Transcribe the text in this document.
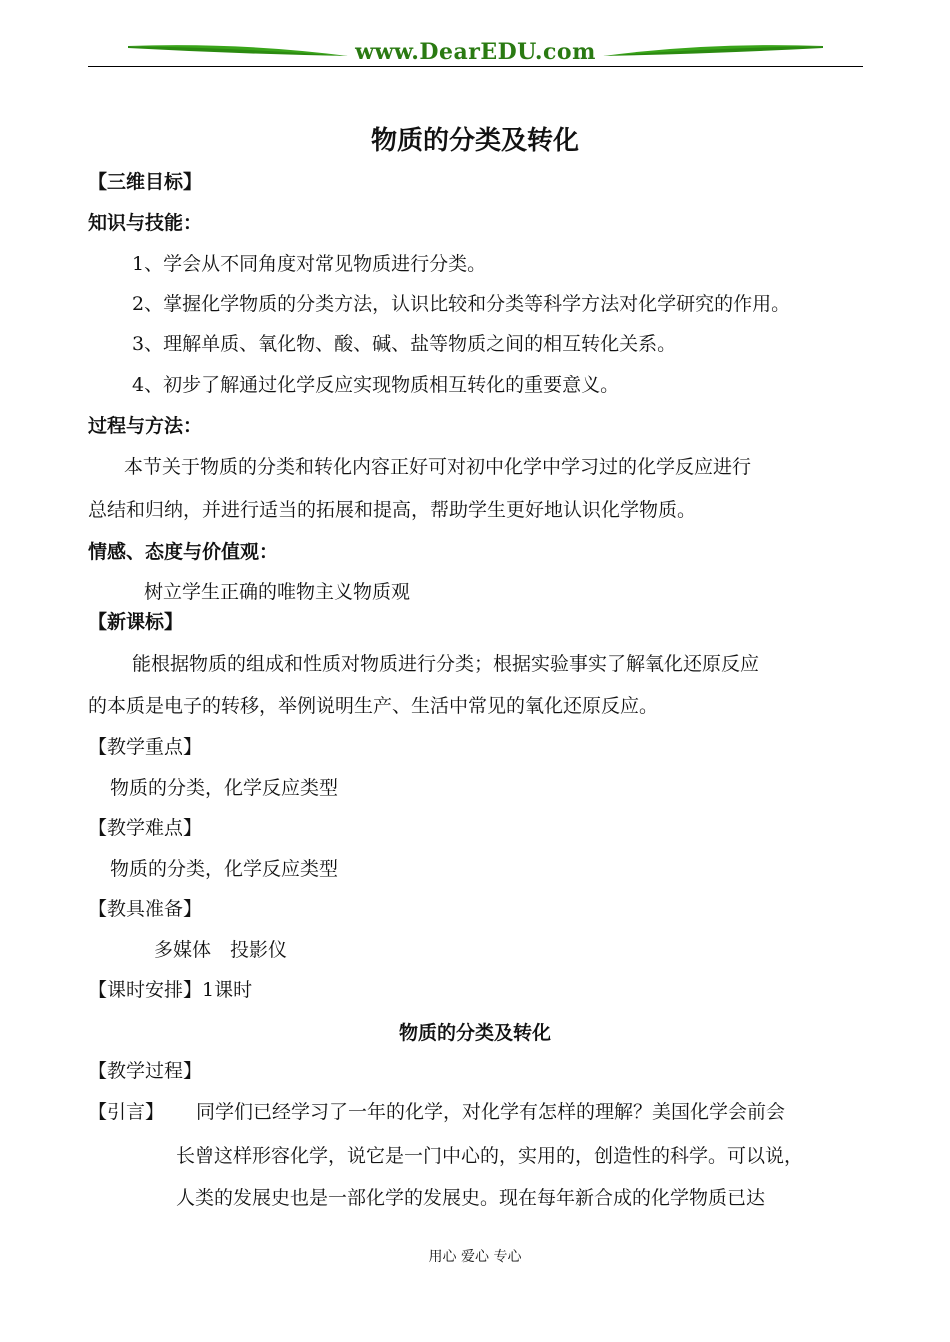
www.DearEDU.com
物质的分类及转化
【三维目标】
知识与技能：
1、学会从不同角度对常见物质进行分类。
2、掌握化学物质的分类方法，认识比较和分类等科学方法对化学研究的作用。
3、理解单质、氧化物、酸、碱、盐等物质之间的相互转化关系。
4、初步了解通过化学反应实现物质相互转化的重要意义。
过程与方法：
本节关于物质的分类和转化内容正好可对初中化学中学习过的化学反应进行
总结和归纳，并进行适当的拓展和提高，帮助学生更好地认识化学物质。
情感、态度与价值观：
树立学生正确的唯物主义物质观
【新课标】
能根据物质的组成和性质对物质进行分类；根据实验事实了解氧化还原反应
的本质是电子的转移，举例说明生产、生活中常见的氧化还原反应。
【教学重点】
物质的分类，化学反应类型
【教学难点】
物质的分类，化学反应类型
【教具准备】
多媒体　投影仪
【课时安排】1课时
物质的分类及转化
【教学过程】
【引言】 同学们已经学习了一年的化学，对化学有怎样的理解？美国化学会前会
长曾这样形容化学，说它是一门中心的，实用的，创造性的科学。可以说，
人类的发展史也是一部化学的发展史。现在每年新合成的化学物质已达
用心 爱心 专心
